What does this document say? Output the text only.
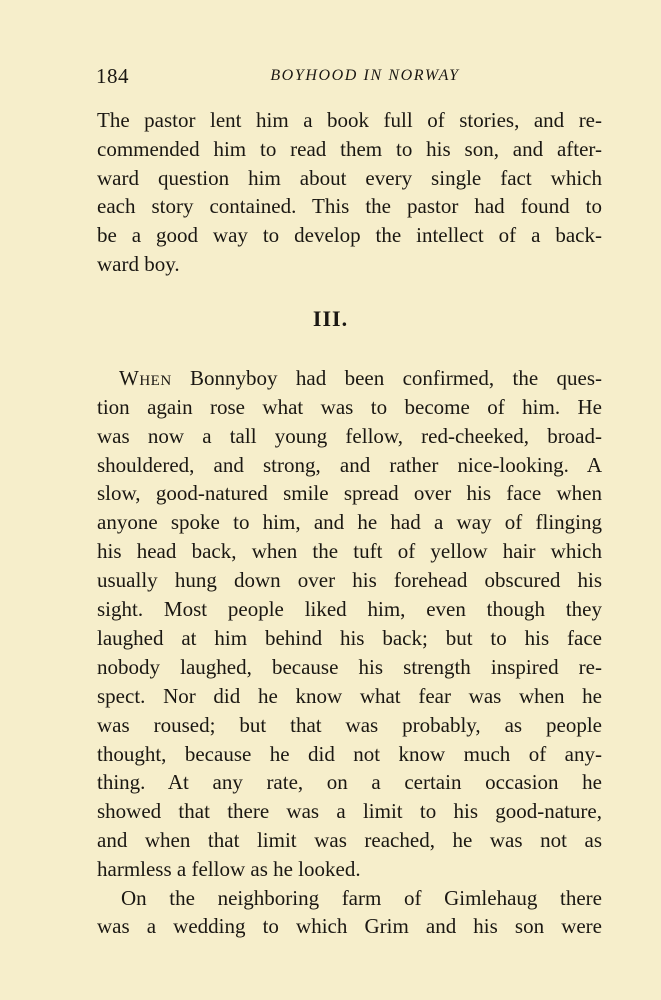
184	BOYHOOD IN NORWAY
The pastor lent him a book full of stories, and re-
commended him to read them to his son, and after-
ward question him about every single fact which
each story contained. This the pastor had found to
be a good way to develop the intellect of a back-
ward boy.
III.
When Bonnyboy had been confirmed, the ques-
tion again rose what was to become of him. He
was now a tall young fellow, red-cheeked, broad-
shouldered, and strong, and rather nice-looking. A
slow, good-natured smile spread over his face when
anyone spoke to him, and he had a way of flinging
his head back, when the tuft of yellow hair which
usually hung down over his forehead obscured his
sight. Most people liked him, even though they
laughed at him behind his back; but to his face
nobody laughed, because his strength inspired re-
spect. Nor did he know what fear was when he
was roused; but that was probably, as people
thought, because he did not know much of any-
thing. At any rate, on a certain occasion he
showed that there was a limit to his good-nature,
and when that limit was reached, he was not as
harmless a fellow as he looked.
On the neighboring farm of Gimlehaug there
was a wedding to which Grim and his son were
